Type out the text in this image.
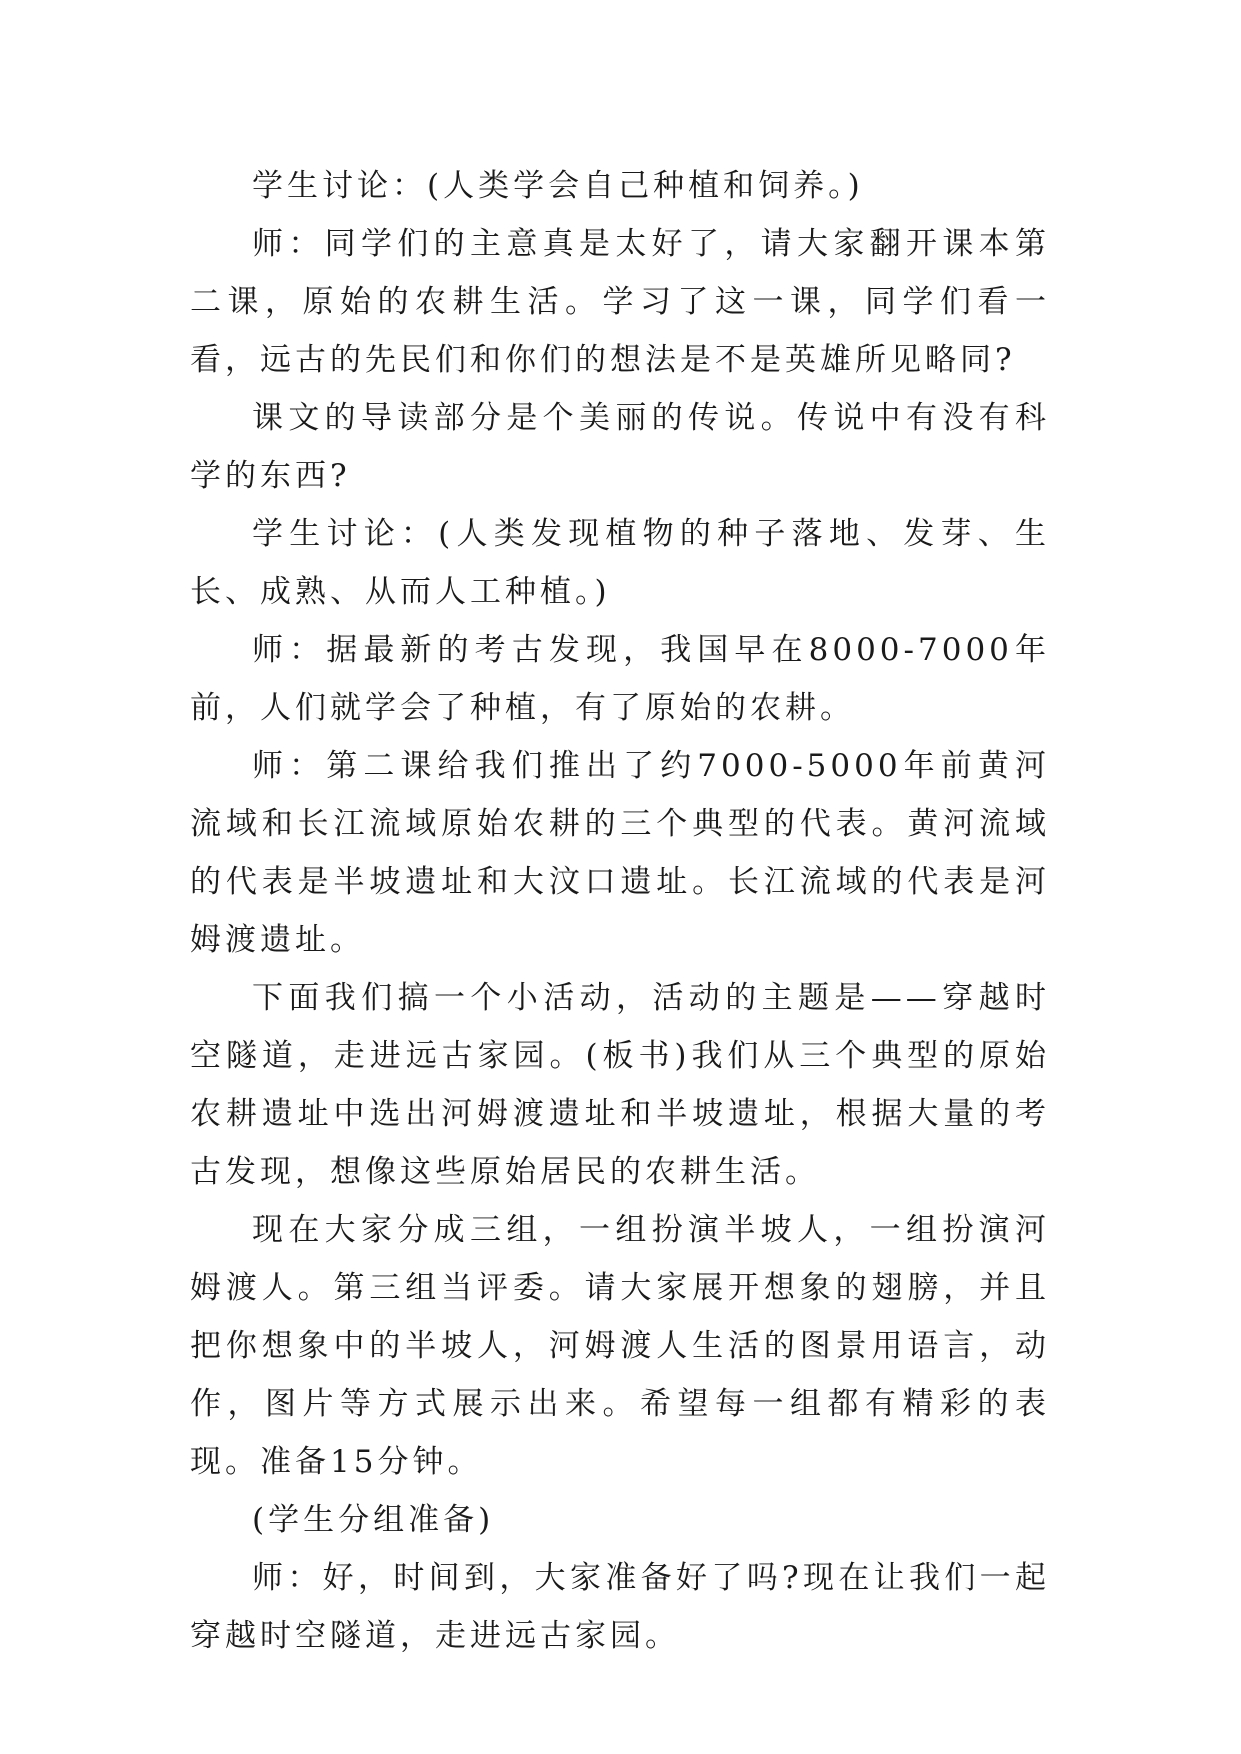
学生讨论：(人类学会自己种植和饲养。)

师：同学们的主意真是太好了，请大家翻开课本第二课，原始的农耕生活。学习了这一课，同学们看一看，远古的先民们和你们的想法是不是英雄所见略同?

课文的导读部分是个美丽的传说。传说中有没有科学的东西?

学生讨论：(人类发现植物的种子落地、发芽、生长、成熟、从而人工种植。)

师：据最新的考古发现，我国早在8000-7000年前，人们就学会了种植，有了原始的农耕。

师：第二课给我们推出了约7000-5000年前黄河流域和长江流域原始农耕的三个典型的代表。黄河流域的代表是半坡遗址和大汶口遗址。长江流域的代表是河姆渡遗址。

下面我们搞一个小活动，活动的主题是——穿越时空隧道，走进远古家园。(板书)我们从三个典型的原始农耕遗址中选出河姆渡遗址和半坡遗址，根据大量的考古发现，想像这些原始居民的农耕生活。

现在大家分成三组，一组扮演半坡人，一组扮演河姆渡人。第三组当评委。请大家展开想象的翅膀，并且把你想象中的半坡人，河姆渡人生活的图景用语言，动作，图片等方式展示出来。希望每一组都有精彩的表现。准备15分钟。

(学生分组准备)

师：好，时间到，大家准备好了吗?现在让我们一起穿越时空隧道，走进远古家园。
